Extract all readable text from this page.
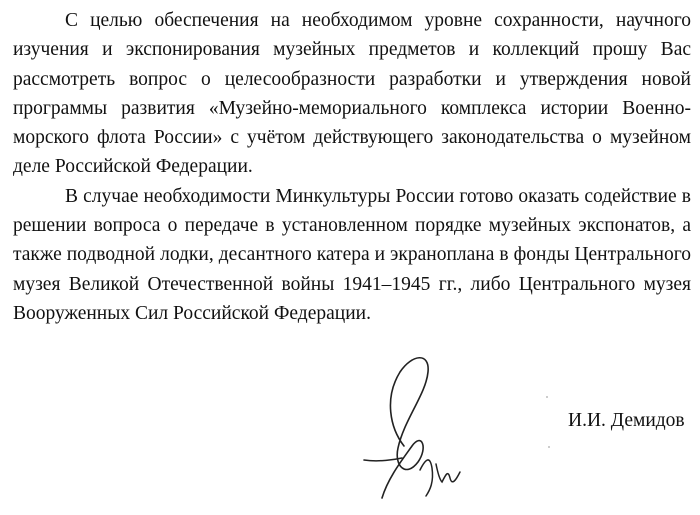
С целью обеспечения на необходимом уровне сохранности, научного изучения и экспонирования музейных предметов и коллекций прошу Вас рассмотреть вопрос о целесообразности разработки и утверждения новой программы развития «Музейно-мемориального комплекса истории Военно-морского флота России» с учётом действующего законодательства о музейном деле Российской Федерации.

В случае необходимости Минкультуры России готово оказать содействие в решении вопроса о передаче в установленном порядке музейных экспонатов, а также подводной лодки, десантного катера и экраноплана в фонды Центрального музея Великой Отечественной войны 1941–1945 гг., либо Центрального музея Вооруженных Сил Российской Федерации.

И.И. Демидов
